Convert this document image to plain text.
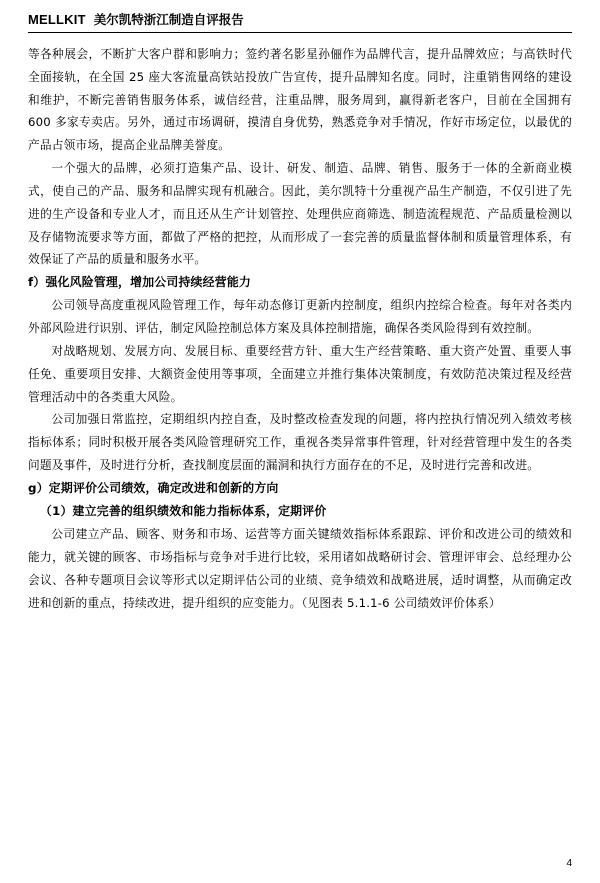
MELLKIT 美尔凯特浙江制造自评报告

等各种展会，不断扩大客户群和影响力；签约著名影星孙俪作为品牌代言，提升品牌效应；与高铁时代全面接轨，在全国 25 座大客流量高铁站投放广告宣传，提升品牌知名度。同时，注重销售网络的建设和维护，不断完善销售服务体系，诚信经营，注重品牌，服务周到，赢得新老客户，目前在全国拥有 600 多家专卖店。另外，通过市场调研，摸清自身优势，熟悉竞争对手情况，作好市场定位，以最优的产品占领市场，提高企业品牌美誉度。

一个强大的品牌，必须打造集产品、设计、研发、制造、品牌、销售、服务于一体的全新商业模式，使自己的产品、服务和品牌实现有机融合。因此，美尔凯特十分重视产品生产制造，不仅引进了先进的生产设备和专业人才，而且还从生产计划管控、处理供应商筛选、制造流程规范、产品质量检测以及存储物流要求等方面，都做了严格的把控，从而形成了一套完善的质量监督体制和质量管理体系，有效保证了产品的质量和服务水平。

f）强化风险管理，增加公司持续经营能力

公司领导高度重视风险管理工作，每年动态修订更新内控制度，组织内控综合检查。每年对各类内外部风险进行识别、评估，制定风险控制总体方案及具体控制措施，确保各类风险得到有效控制。

对战略规划、发展方向、发展目标、重要经营方针、重大生产经营策略、重大资产处置、重要人事任免、重要项目安排、大额资金使用等事项，全面建立并推行集体决策制度，有效防范决策过程及经营管理活动中的各类重大风险。

公司加强日常监控，定期组织内控自查，及时整改检查发现的问题，将内控执行情况列入绩效考核指标体系；同时积极开展各类风险管理研究工作，重视各类异常事件管理，针对经营管理中发生的各类问题及事件，及时进行分析，查找制度层面的漏洞和执行方面存在的不足，及时进行完善和改进。

g）定期评价公司绩效，确定改进和创新的方向

（1）建立完善的组织绩效和能力指标体系，定期评价

公司建立产品、顾客、财务和市场、运营等方面关键绩效指标体系跟踪、评价和改进公司的绩效和能力，就关键的顾客、市场指标与竞争对手进行比较，采用诸如战略研讨会、管理评审会、总经理办公会议、各种专题项目会议等形式以定期评估公司的业绩、竞争绩效和战略进展，适时调整，从而确定改进和创新的重点，持续改进，提升组织的应变能力。（见图表 5.1.1-6 公司绩效评价体系）

4
